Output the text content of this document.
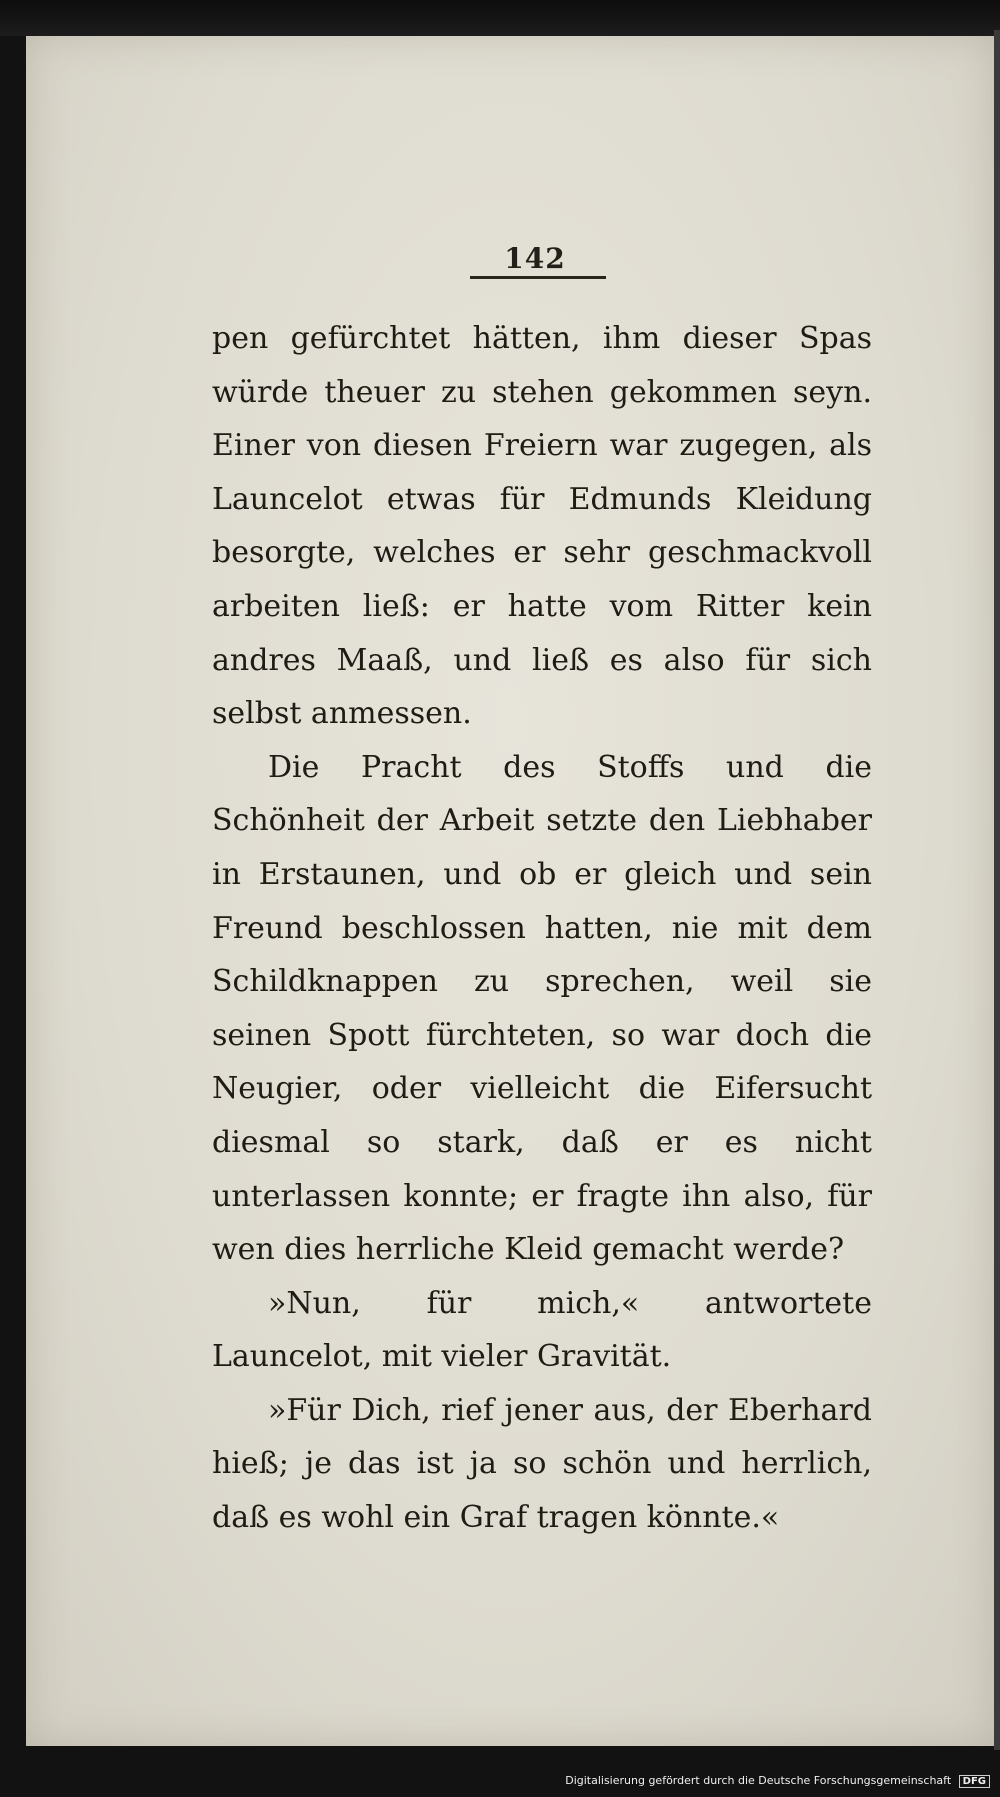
142

pen gefürchtet hätten, ihm dieser Spas würde theuer zu stehen gekommen seyn. Einer von diesen Freiern war zugegen, als Launcelot etwas für Edmunds Kleidung besorgte, welches er sehr geschmackvoll arbeiten ließ: er hatte vom Ritter kein andres Maaß, und ließ es also für sich selbst anmessen.

Die Pracht des Stoffs und die Schönheit der Arbeit setzte den Liebhaber in Erstaunen, und ob er gleich und sein Freund beschlossen hatten, nie mit dem Schildknappen zu sprechen, weil sie seinen Spott fürchteten, so war doch die Neugier, oder vielleicht die Eifersucht diesmal so stark, daß er es nicht unterlassen konnte; er fragte ihn also, für wen dies herrliche Kleid gemacht werde?

»Nun, für mich,« antwortete Launcelot, mit vieler Gravität.

»Für Dich, rief jener aus, der Eberhard hieß; je das ist ja so schön und herrlich, daß es wohl ein Graf tragen könnte.«

Digitalisierung gefördert durch die Deutsche Forschungsgemeinschaft DFG
